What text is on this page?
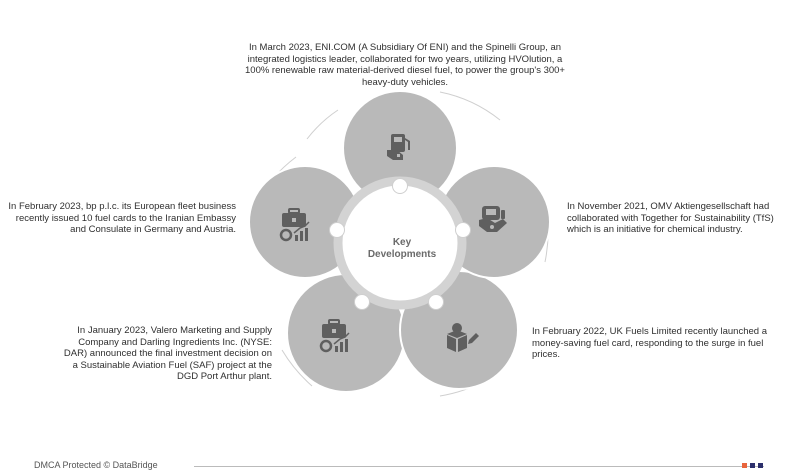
Key
Developments
In March 2023, ENI.COM (A Subsidiary Of ENI) and the Spinelli Group, an integrated logistics leader, collaborated for two years, utilizing HVOlution, a 100% renewable raw material-derived diesel fuel, to power the group's 300+ heavy-duty vehicles.
In November 2021, OMV Aktiengesellschaft had collaborated with Together for Sustainability (TfS) which is an initiative for chemical industry.
In February 2022, UK Fuels Limited recently launched a money-saving fuel card, responding to the surge in fuel prices.
In January 2023, Valero Marketing and Supply Company and Darling Ingredients Inc. (NYSE: DAR) announced the final investment decision on a Sustainable Aviation Fuel (SAF) project at the DGD Port Arthur plant.
In February 2023, bp p.l.c. its European fleet business recently issued 10 fuel cards to the Iranian Embassy and Consulate in Germany and Austria.
DMCA Protected © DataBridge
